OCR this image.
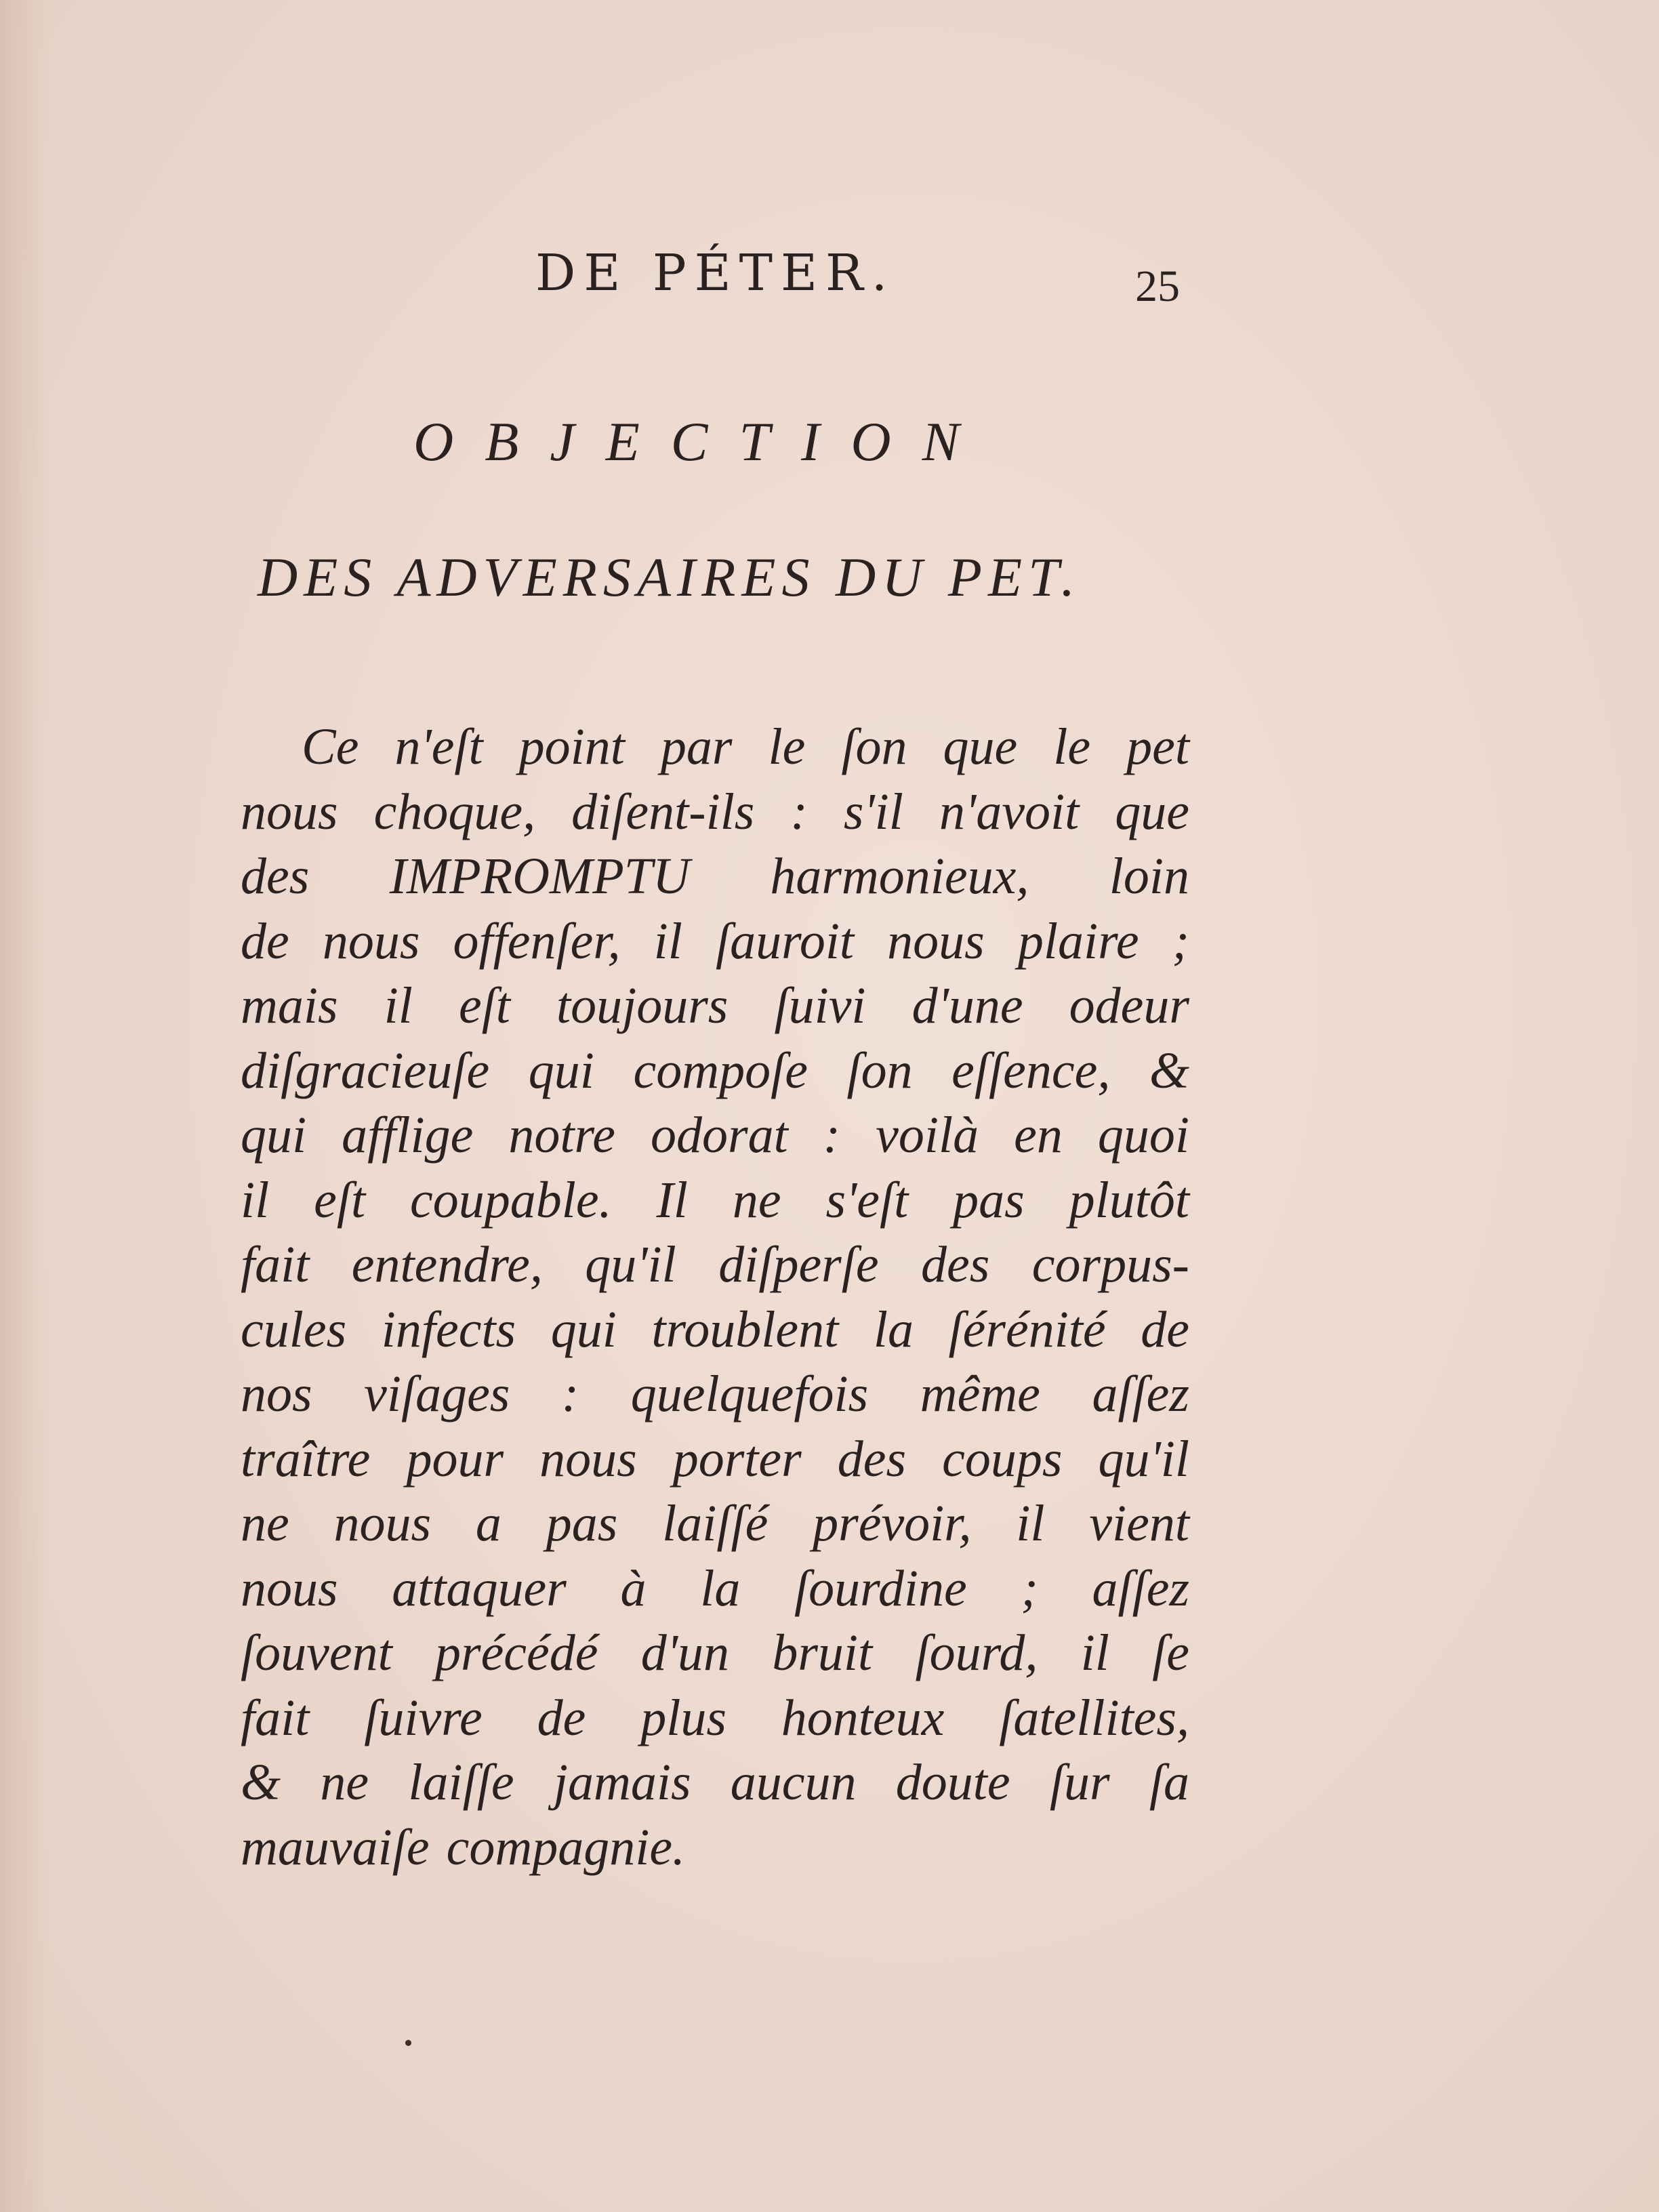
DE PÉTER.	25
OBJECTION
DES ADVERSAIRES DU PET.
Ce n'eſt point par le ſon que le pet
nous choque, diſent-ils : s'il n'avoit que
des IMPROMPTU harmonieux, loin
de nous offenſer, il ſauroit nous plaire ;
mais il eſt toujours ſuivi d'une odeur
diſgracieuſe qui compoſe ſon eſſence, &
qui afflige notre odorat : voilà en quoi
il eſt coupable. Il ne s'eſt pas plutôt
fait entendre, qu'il diſperſe des corpus-
cules infects qui troublent la ſérénité de
nos viſages : quelquefois même aſſez
traître pour nous porter des coups qu'il
ne nous a pas laiſſé prévoir, il vient
nous attaquer à la ſourdine ; aſſez
ſouvent précédé d'un bruit ſourd, il ſe
fait ſuivre de plus honteux ſatellites,
& ne laiſſe jamais aucun doute ſur ſa
mauvaiſe compagnie.
